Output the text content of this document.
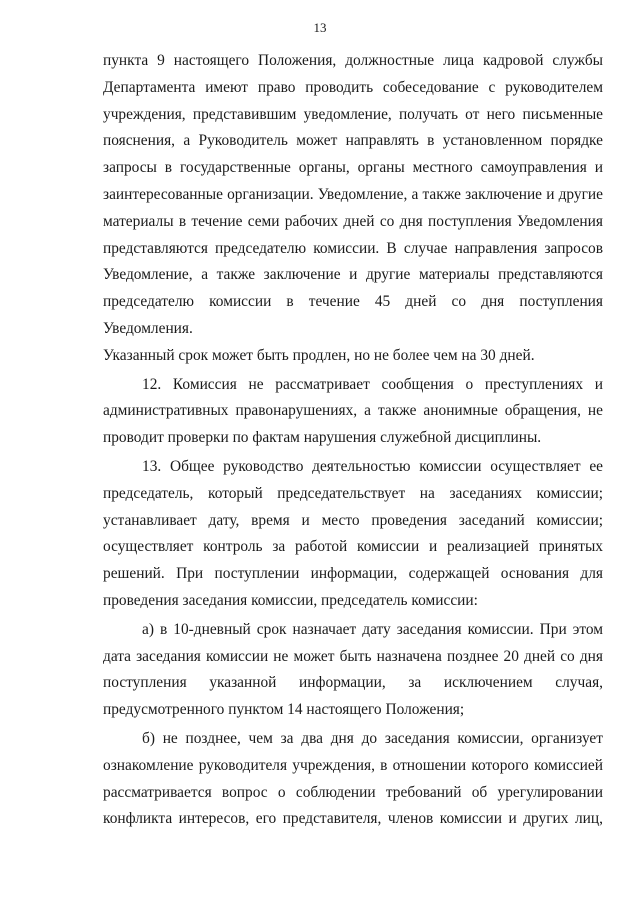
13

пункта 9 настоящего Положения, должностные лица кадровой службы

Департамента имеют право проводить собеседование с руководителем

учреждения, представившим уведомление, получать от него письменные

пояснения, а Руководитель может направлять в установленном порядке

запросы в государственные органы, органы местного самоуправления и

заинтересованные организации. Уведомление, а также заключение и другие

материалы в течение семи рабочих дней со дня поступления Уведомления

представляются председателю комиссии. В случае направления запросов

Уведомление, а также заключение и другие материалы представляются

председателю комиссии в течение 45 дней со дня поступления Уведомления.

Указанный срок может быть продлен, но не более чем на 30 дней.

12. Комиссия не рассматривает сообщения о преступлениях и

административных правонарушениях, а также анонимные обращения, не

проводит проверки по фактам нарушения служебной дисциплины.

13. Общее руководство деятельностью комиссии осуществляет ее

председатель, который председательствует на заседаниях комиссии;

устанавливает дату, время и место проведения заседаний комиссии;

осуществляет контроль за работой комиссии и реализацией принятых

решений. При поступлении информации, содержащей основания для

проведения заседания комиссии, председатель комиссии:

а) в 10-дневный срок назначает дату заседания комиссии. При этом

дата заседания комиссии не может быть назначена позднее 20 дней со дня

поступления указанной информации, за исключением случая,

предусмотренного пунктом 14 настоящего Положения;

б) не позднее, чем за два дня до заседания комиссии, организует

ознакомление руководителя учреждения, в отношении которого комиссией

рассматривается вопрос о соблюдении требований об урегулировании

конфликта интересов, его представителя, членов комиссии и других лиц,
